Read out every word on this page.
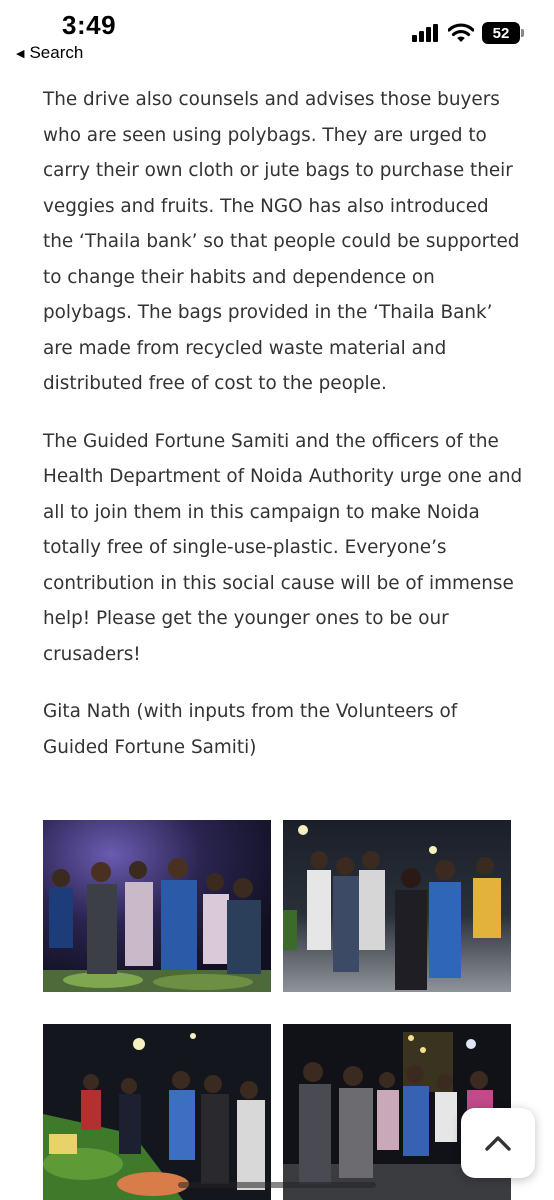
3:49
◀ Search
52

The drive also counsels and advises those buyers who are seen using polybags. They are urged to carry their own cloth or jute bags to purchase their veggies and fruits. The NGO has also introduced the ‘Thaila bank’ so that people could be supported to change their habits and dependence on polybags. The bags provided in the ‘Thaila Bank’ are made from recycled waste material and distributed free of cost to the people.

The Guided Fortune Samiti and the officers of the Health Department of Noida Authority urge one and all to join them in this campaign to make Noida totally free of single-use-plastic. Everyone’s contribution in this social cause will be of immense help! Please get the younger ones to be our crusaders!

Gita Nath (with inputs from the Volunteers of Guided Fortune Samiti)
